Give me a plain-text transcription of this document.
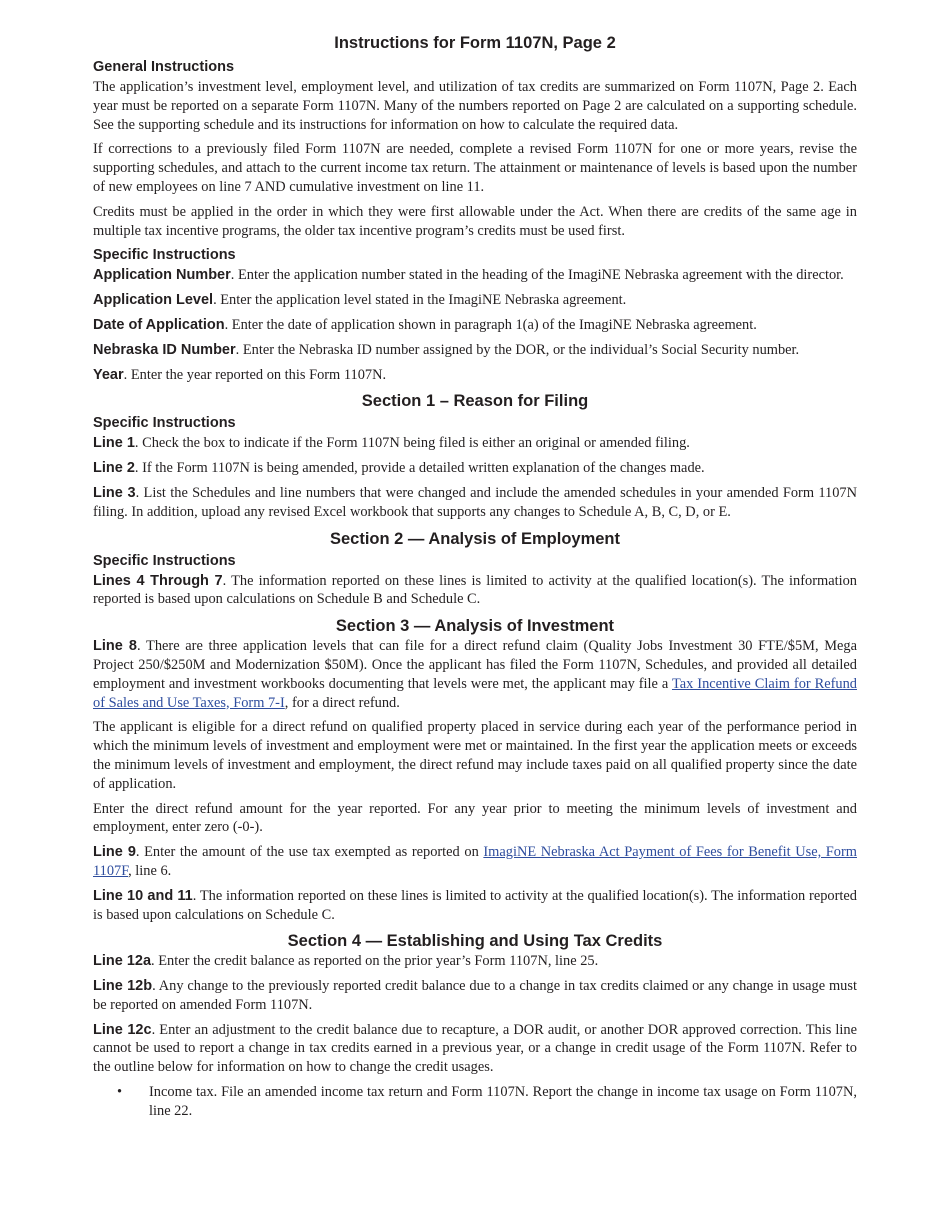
Instructions for Form 1107N, Page 2
General Instructions

The application’s investment level, employment level, and utilization of tax credits are summarized on Form 1107N, Page 2. Each year must be reported on a separate Form 1107N. Many of the numbers reported on Page 2 are calculated on a supporting schedule. See the supporting schedule and its instructions for information on how to calculate the required data.

If corrections to a previously filed Form 1107N are needed, complete a revised Form 1107N for one or more years, revise the supporting schedules, and attach to the current income tax return. The attainment or maintenance of levels is based upon the number of new employees on line 7 AND cumulative investment on line 11.

Credits must be applied in the order in which they were first allowable under the Act. When there are credits of the same age in multiple tax incentive programs, the older tax incentive program’s credits must be used first.

Specific Instructions

Application Number. Enter the application number stated in the heading of the ImagiNE Nebraska agreement with the director.

Application Level. Enter the application level stated in the ImagiNE Nebraska agreement.

Date of Application. Enter the date of application shown in paragraph 1(a) of the ImagiNE Nebraska agreement.

Nebraska ID Number. Enter the Nebraska ID number assigned by the DOR, or the individual’s Social Security number.

Year. Enter the year reported on this Form 1107N.

Section 1 – Reason for Filing
Specific Instructions

Line 1. Check the box to indicate if the Form 1107N being filed is either an original or amended filing.

Line 2. If the Form 1107N is being amended, provide a detailed written explanation of the changes made.

Line 3. List the Schedules and line numbers that were changed and include the amended schedules in your amended Form 1107N filing. In addition, upload any revised Excel workbook that supports any changes to Schedule A, B, C, D, or E.

Section 2 — Analysis of Employment
Specific Instructions

Lines 4 Through 7. The information reported on these lines is limited to activity at the qualified location(s). The information reported is based upon calculations on Schedule B and Schedule C.

Section 3 — Analysis of Investment

Line 8. There are three application levels that can file for a direct refund claim (Quality Jobs Investment 30 FTE/$5M, Mega Project 250/$250M and Modernization $50M). Once the applicant has filed the Form 1107N, Schedules, and provided all detailed employment and investment workbooks documenting that levels were met, the applicant may file a Tax Incentive Claim for Refund of Sales and Use Taxes, Form 7-I, for a direct refund.

The applicant is eligible for a direct refund on qualified property placed in service during each year of the performance period in which the minimum levels of investment and employment were met or maintained. In the first year the application meets or exceeds the minimum levels of investment and employment, the direct refund may include taxes paid on all qualified property since the date of application.

Enter the direct refund amount for the year reported. For any year prior to meeting the minimum levels of investment and employment, enter zero (-0-).

Line 9. Enter the amount of the use tax exempted as reported on ImagiNE Nebraska Act Payment of Fees for Benefit Use, Form 1107F, line 6.

Line 10 and 11. The information reported on these lines is limited to activity at the qualified location(s). The information reported is based upon calculations on Schedule C.

Section 4 — Establishing and Using Tax Credits

Line 12a. Enter the credit balance as reported on the prior year’s Form 1107N, line 25.

Line 12b. Any change to the previously reported credit balance due to a change in tax credits claimed or any change in usage must be reported on amended Form 1107N.

Line 12c. Enter an adjustment to the credit balance due to recapture, a DOR audit, or another DOR approved correction. This line cannot be used to report a change in tax credits earned in a previous year, or a change in credit usage of the Form 1107N. Refer to the outline below for information on how to change the credit usages.

• Income tax. File an amended income tax return and Form 1107N. Report the change in income tax usage on Form 1107N, line 22.
